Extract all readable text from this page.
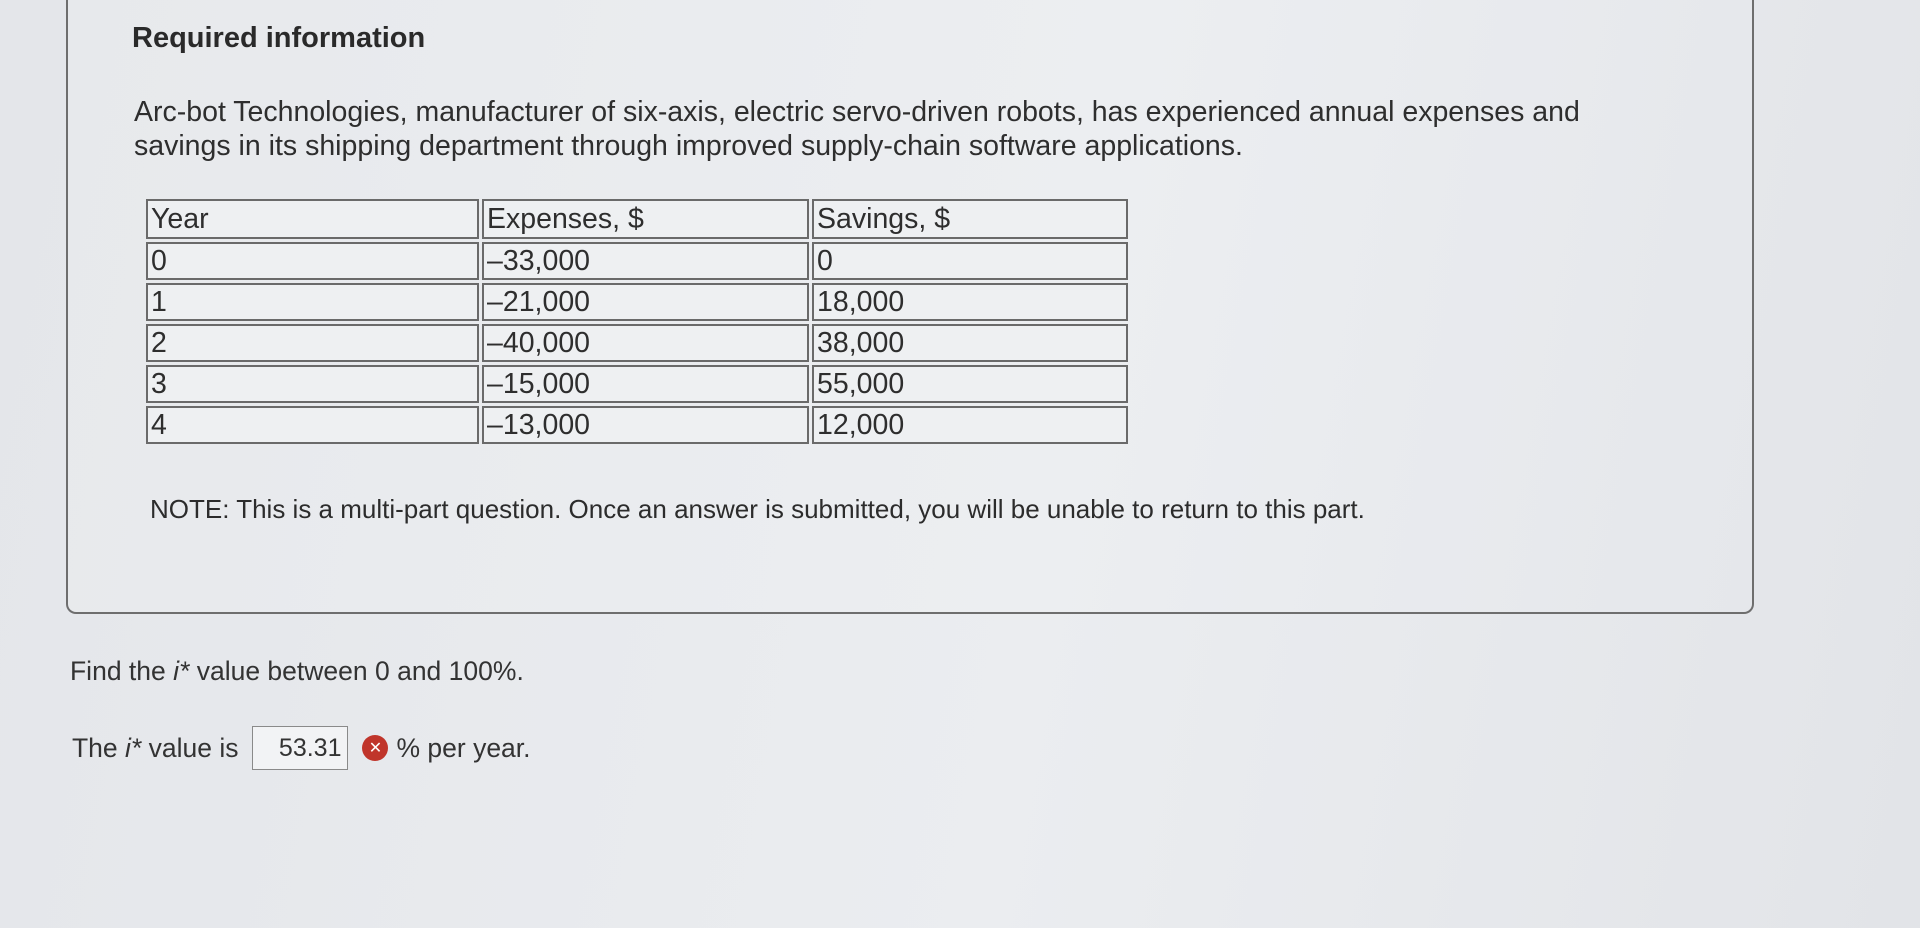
Required information
Arc-bot Technologies, manufacturer of six-axis, electric servo-driven robots, has experienced annual expenses and savings in its shipping department through improved supply-chain software applications.
Year	Expenses, $	Savings, $
0	–33,000	0
1	–21,000	18,000
2	–40,000	38,000
3	–15,000	55,000
4	–13,000	12,000
NOTE: This is a multi-part question. Once an answer is submitted, you will be unable to return to this part.
Find the i* value between 0 and 100%.
The
i*
value is	53.31	✕ % per year.
